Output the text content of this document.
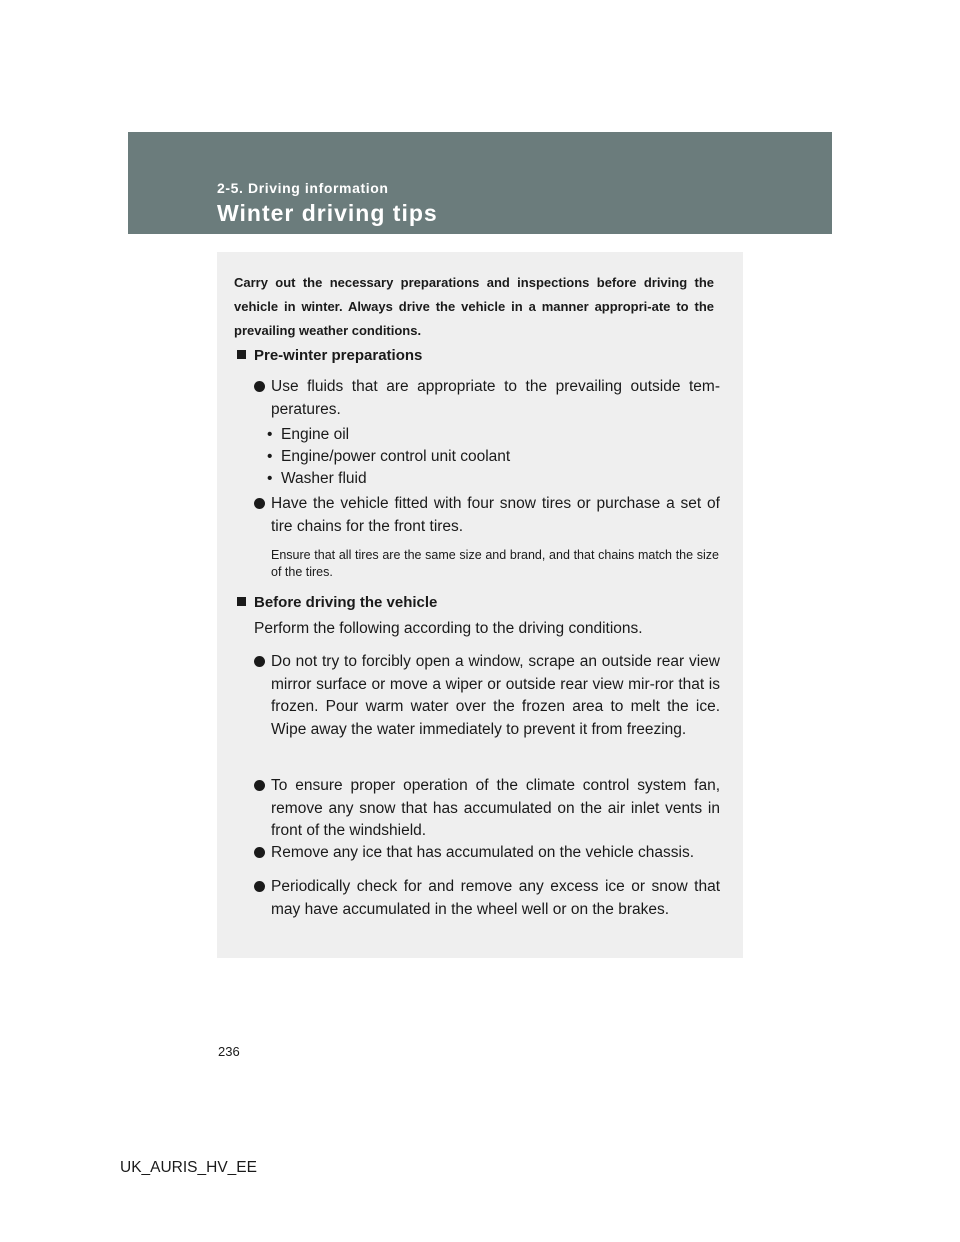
2-5. Driving information
Winter driving tips
Carry out the necessary preparations and inspections before driving the vehicle in winter. Always drive the vehicle in a manner appropri-ate to the prevailing weather conditions.
Pre-winter preparations
Use fluids that are appropriate to the prevailing outside tem-peratures.
• Engine oil
• Engine/power control unit coolant
• Washer fluid
Have the vehicle fitted with four snow tires or purchase a set of tire chains for the front tires.
Ensure that all tires are the same size and brand, and that chains match the size of the tires.
Before driving the vehicle
Perform the following according to the driving conditions.
Do not try to forcibly open a window, scrape an outside rear view mirror surface or move a wiper or outside rear view mir-ror that is frozen. Pour warm water over the frozen area to melt the ice. Wipe away the water immediately to prevent it from freezing.
To ensure proper operation of the climate control system fan, remove any snow that has accumulated on the air inlet vents in front of the windshield.
Remove any ice that has accumulated on the vehicle chassis.
Periodically check for and remove any excess ice or snow that may have accumulated in the wheel well or on the brakes.
236
UK_AURIS_HV_EE
